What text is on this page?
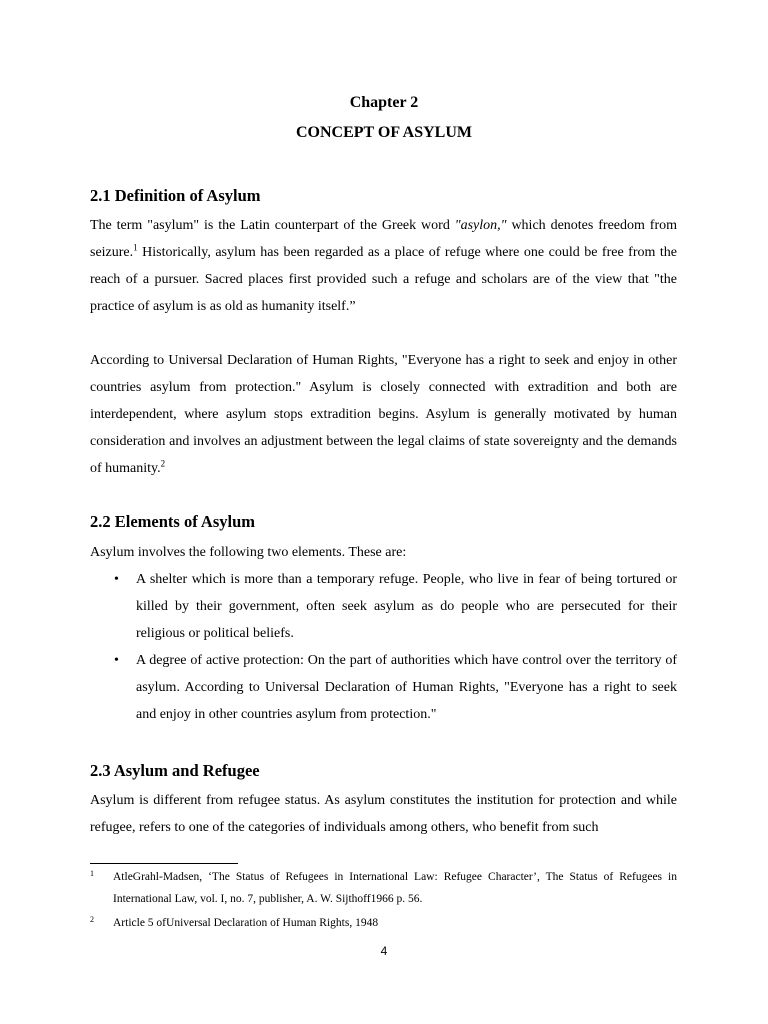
Chapter 2
CONCEPT OF ASYLUM
2.1 Definition of Asylum

The term "asylum" is the Latin counterpart of the Greek word "asylon," which denotes freedom from seizure.$^1$ Historically, asylum has been regarded as a place of refuge where one could be free from the reach of a pursuer. Sacred places first provided such a refuge and scholars are of the view that "the practice of asylum is as old as humanity itself.”

According to Universal Declaration of Human Rights, "Everyone has a right to seek and enjoy in other countries asylum from protection." Asylum is closely connected with extradition and both are interdependent, where asylum stops extradition begins. Asylum is generally motivated by human consideration and involves an adjustment between the legal claims of state sovereignty and the demands of humanity.$^2$

2.2 Elements of Asylum

Asylum involves the following two elements. These are:

• A shelter which is more than a temporary refuge. People, who live in fear of being tortured or killed by their government, often seek asylum as do people who are persecuted for their religious or political beliefs.
• A degree of active protection: On the part of authorities which have control over the territory of asylum. According to Universal Declaration of Human Rights, "Everyone has a right to seek and enjoy in other countries asylum from protection."
2.3 Asylum and Refugee

Asylum is different from refugee status. As asylum constitutes the institution for protection and while refugee, refers to one of the categories of individuals among others, who benefit from such

1 AtleGrahl-Madsen, ‘The Status of Refugees in International Law: Refugee Character’, The Status of Refugees in International Law, vol. I, no. 7, publisher, A. W. Sijthoff1966 p. 56.
2 Article 5 ofUniversal Declaration of Human Rights, 1948
4
